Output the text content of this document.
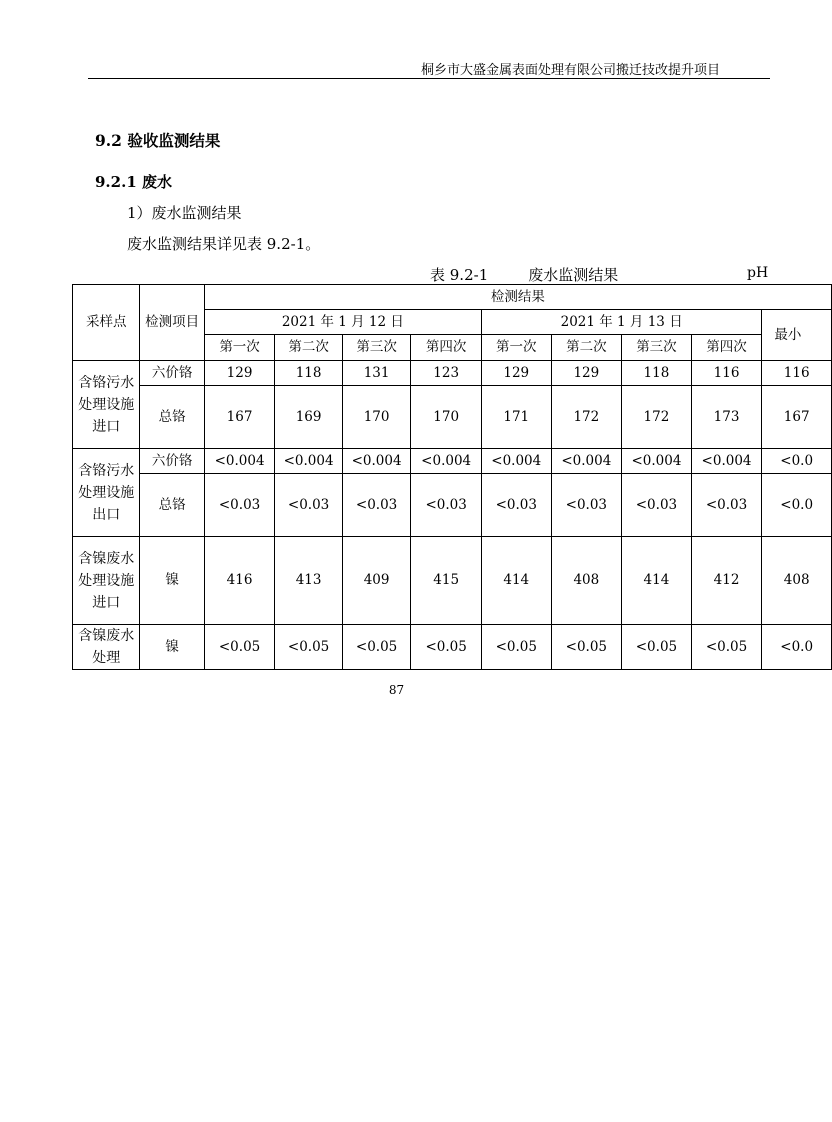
桐乡市大盛金属表面处理有限公司搬迁技改提升项目
9.2 验收监测结果
9.2.1 废水
1）废水监测结果
废水监测结果详见表 9.2-1。
表 9.2-1	废水监测结果	pH
采样点	检测项目	检测结果								
		2021 年 1 月 12 日				2021 年 1 月 13 日				最小
		第一次	第二次	第三次	第四次	第一次	第二次	第三次	第四次	
含铬污水处理设施进口	六价铬	129	118	131	123	129	129	118	116	116
	总铬	167	169	170	170	171	172	172	173	167
含铬污水处理设施出口	六价铬	<0.004	<0.004	<0.004	<0.004	<0.004	<0.004	<0.004	<0.004	<0.0
	总铬	<0.03	<0.03	<0.03	<0.03	<0.03	<0.03	<0.03	<0.03	<0.0
含镍废水处理设施进口	镍	416	413	409	415	414	408	414	412	408
含镍废水处理	镍	<0.05	<0.05	<0.05	<0.05	<0.05	<0.05	<0.05	<0.05	<0.0
87
